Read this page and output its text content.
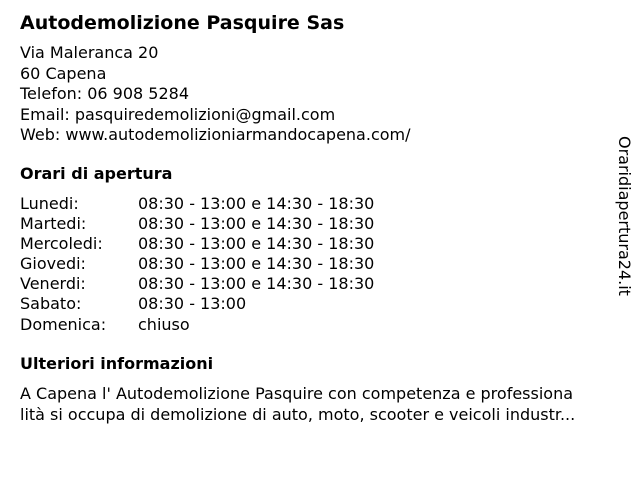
Autodemolizione Pasquire Sas
Via Maleranca 20
60 Capena
Telefon: 06 908 5284
Email: pasquiredemolizioni@gmail.com
Web: www.autodemolizioniarmandocapena.com/
Orari di apertura
Lunedi:	08:30 - 13:00 e 14:30 - 18:30
Martedi:	08:30 - 13:00 e 14:30 - 18:30
Mercoledi:	08:30 - 13:00 e 14:30 - 18:30
Giovedi:	08:30 - 13:00 e 14:30 - 18:30
Venerdi:	08:30 - 13:00 e 14:30 - 18:30
Sabato:	08:30 - 13:00
Domenica:	chiuso
Ulteriori informazioni
A Capena l' Autodemolizione Pasquire con competenza e professiona
lità si occupa di demolizione di auto, moto, scooter e veicoli industr...
Oraridiapertura24.it
